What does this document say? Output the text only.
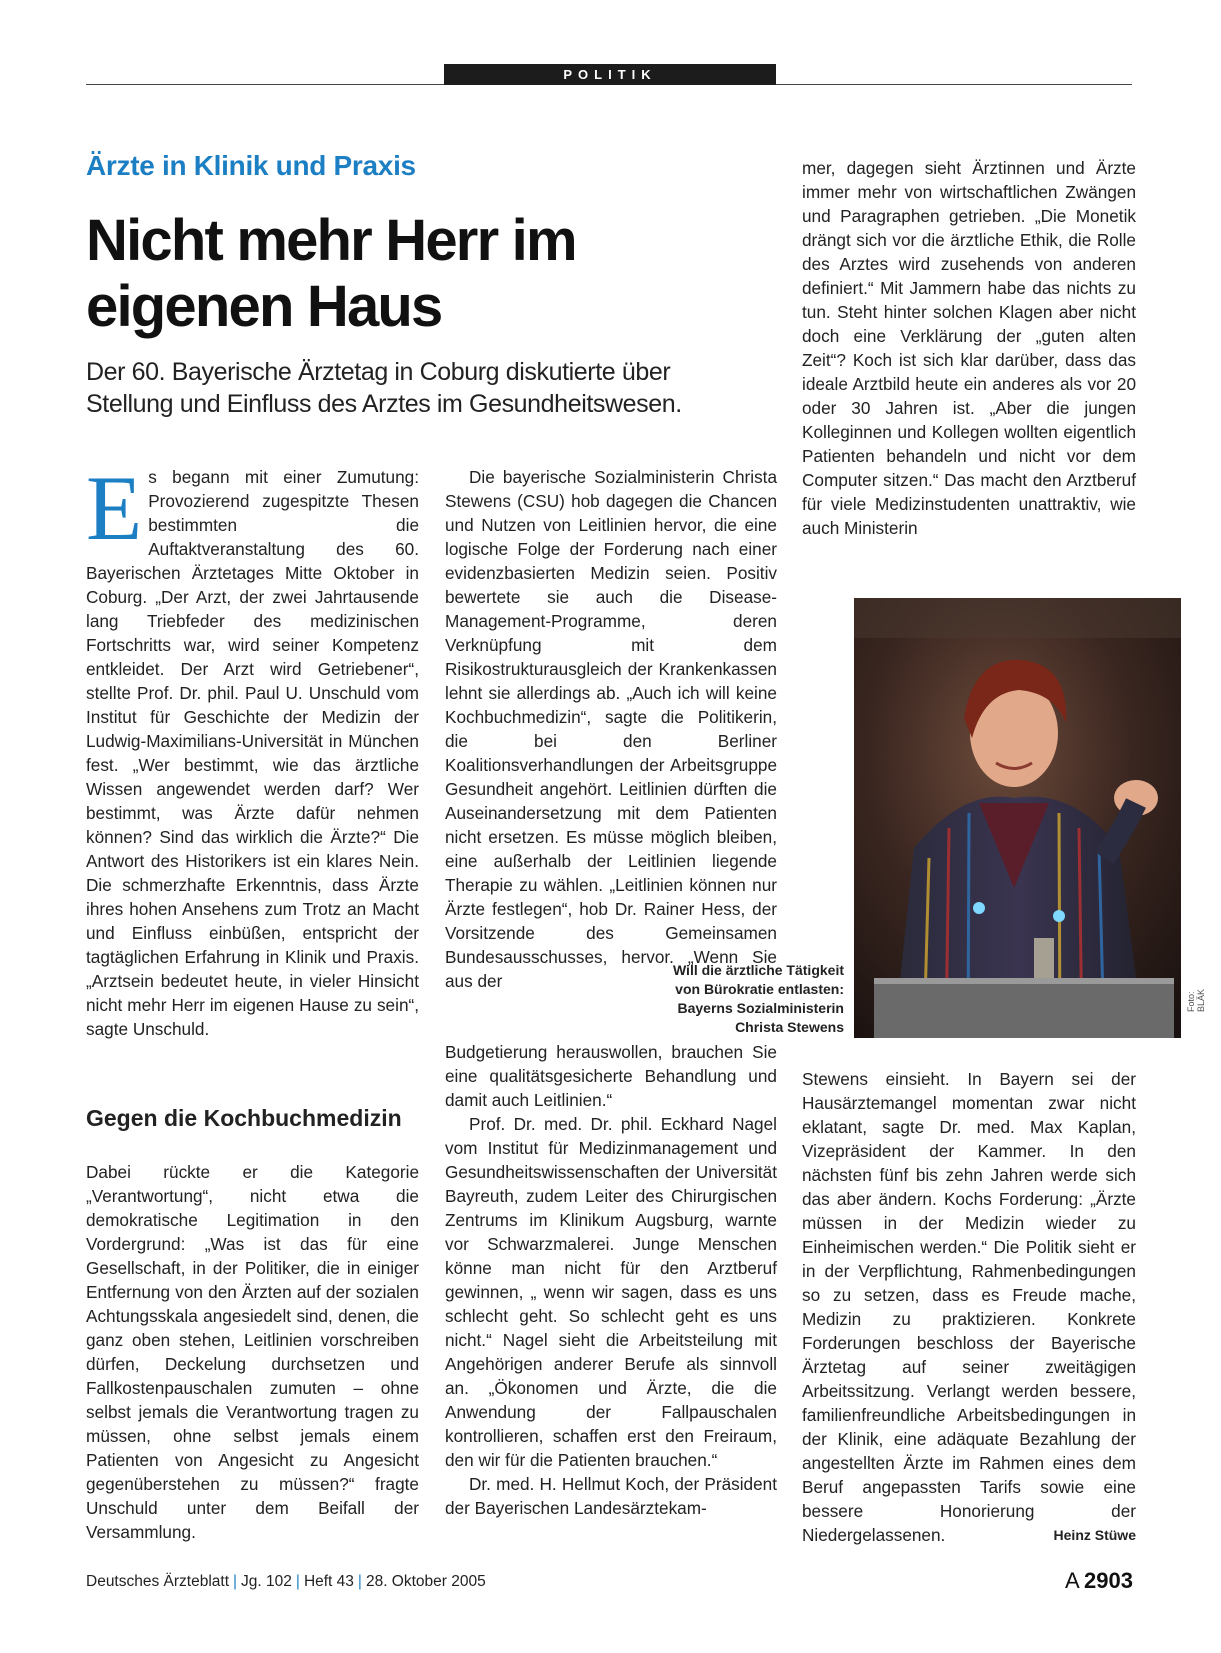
POLITIK
Ärzte in Klinik und Praxis
Nicht mehr Herr im eigenen Haus
Der 60. Bayerische Ärztetag in Coburg diskutierte über Stellung und Einfluss des Arztes im Gesundheitswesen.
E s begann mit einer Zumutung: Provozierend zugespitzte Thesen bestimmten die Auftaktveranstaltung des 60. Bayerischen Ärztetages Mitte Oktober in Coburg. „Der Arzt, der zwei Jahrtausende lang Triebfeder des medizinischen Fortschritts war, wird seiner Kompetenz entkleidet. Der Arzt wird Getriebener“, stellte Prof. Dr. phil. Paul U. Unschuld vom Institut für Geschichte der Medizin der Ludwig-Maximilians-Universität in München fest. „Wer bestimmt, wie das ärztliche Wissen angewendet werden darf? Wer bestimmt, was Ärzte dafür nehmen können? Sind das wirklich die Ärzte?“ Die Antwort des Historikers ist ein klares Nein. Die schmerzhafte Erkenntnis, dass Ärzte ihres hohen Ansehens zum Trotz an Macht und Einfluss einbüßen, entspricht der tagtäglichen Erfahrung in Klinik und Praxis. „Arztsein bedeutet heute, in vieler Hinsicht nicht mehr Herr im eigenen Hause zu sein“, sagte Unschuld.

Gegen die Kochbuchmedizin

Dabei rückte er die Kategorie „Verantwortung“, nicht etwa die demokratische Legitimation in den Vordergrund: „Was ist das für eine Gesellschaft, in der Politiker, die in einiger Entfernung von den Ärzten auf der sozialen Achtungsskala angesiedelt sind, denen, die ganz oben stehen, Leitlinien vorschreiben dürfen, Deckelung durchsetzen und Fallkostenpauschalen zumuten – ohne selbst jemals die Verantwortung tragen zu müssen, ohne selbst jemals einem Patienten von Angesicht zu Angesicht gegenüberstehen zu müssen?“ fragte Unschuld unter dem Beifall der Versammlung.

Die bayerische Sozialministerin Christa Stewens (CSU) hob dagegen die Chancen und Nutzen von Leitlinien hervor, die eine logische Folge der Forderung nach einer evidenzbasierten Medizin seien. Positiv bewertete sie auch die Disease-Management-Programme, deren Verknüpfung mit dem Risikostrukturausgleich der Krankenkassen lehnt sie allerdings ab. „Auch ich will keine Kochbuchmedizin“, sagte die Politikerin, die bei den Berliner Koalitionsverhandlungen der Arbeitsgruppe Gesundheit angehört. Leitlinien dürften die Auseinandersetzung mit dem Patienten nicht ersetzen. Es müsse möglich bleiben, eine außerhalb der Leitlinien liegende Therapie zu wählen. „Leitlinien können nur Ärzte festlegen“, hob Dr. Rainer Hess, der Vorsitzende des Gemeinsamen Bundesausschusses, hervor. „Wenn Sie aus der

Budgetierung herauswollen, brauchen Sie eine qualitätsgesicherte Behandlung und damit auch Leitlinien.“

Prof. Dr. med. Dr. phil. Eckhard Nagel vom Institut für Medizinmanagement und Gesundheitswissenschaften der Universität Bayreuth, zudem Leiter des Chirurgischen Zentrums im Klinikum Augsburg, warnte vor Schwarzmalerei. Junge Menschen könne man nicht für den Arztberuf gewinnen, „ wenn wir sagen, dass es uns schlecht geht. So schlecht geht es uns nicht.“ Nagel sieht die Arbeitsteilung mit Angehörigen anderer Berufe als sinnvoll an. „Ökonomen und Ärzte, die die Anwendung der Fallpauschalen kontrollieren, schaffen erst den Freiraum, den wir für die Patienten brauchen.“

Dr. med. H. Hellmut Koch, der Präsident der Bayerischen Landesärztekam-

mer, dagegen sieht Ärztinnen und Ärzte immer mehr von wirtschaftlichen Zwängen und Paragraphen getrieben. „Die Monetik drängt sich vor die ärztliche Ethik, die Rolle des Arztes wird zusehends von anderen definiert.“ Mit Jammern habe das nichts zu tun. Steht hinter solchen Klagen aber nicht doch eine Verklärung der „guten alten Zeit“? Koch ist sich klar darüber, dass das ideale Arztbild heute ein anderes als vor 20 oder 30 Jahren ist. „Aber die jungen Kolleginnen und Kollegen wollten eigentlich Patienten behandeln und nicht vor dem Computer sitzen.“ Das macht den Arztberuf für viele Medizinstudenten unattraktiv, wie auch Ministerin

Will die ärztliche Tätigkeit
von Bürokratie entlasten:
Bayerns Sozialministerin
Christa Stewens
Foto: BLÄK

Stewens einsieht. In Bayern sei der Hausärztemangel momentan zwar nicht eklatant, sagte Dr. med. Max Kaplan, Vizepräsident der Kammer. In den nächsten fünf bis zehn Jahren werde sich das aber ändern. Kochs Forderung: „Ärzte müssen in der Medizin wieder zu Einheimischen werden.“ Die Politik sieht er in der Verpflichtung, Rahmenbedingungen so zu setzen, dass es Freude mache, Medizin zu praktizieren. Konkrete Forderungen beschloss der Bayerische Ärztetag auf seiner zweitägigen Arbeitssitzung. Verlangt werden bessere, familienfreundliche Arbeitsbedingungen in der Klinik, eine adäquate Bezahlung der angestellten Ärzte im Rahmen eines dem Beruf angepassten Tarifs sowie eine bessere Honorierung der Niedergelassenen.	Heinz Stüwe

Deutsches Ärzteblatt | Jg. 102 | Heft 43 | 28. Oktober 2005	A  2903
